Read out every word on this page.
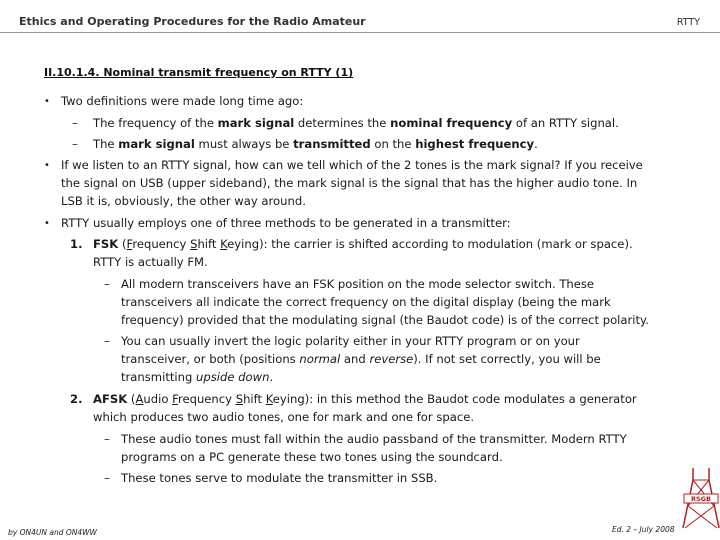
Ethics and Operating Procedures for the Radio Amateur	RTTY
II.10.1.4. Nominal transmit frequency on RTTY (1)
• Two definitions were made long time ago:
– The frequency of the mark signal determines the nominal frequency of an RTTY signal.
– The mark signal must always be transmitted on the highest frequency.
• If we listen to an RTTY signal, how can we tell which of the 2 tones is the mark signal? If you receive
the signal on USB (upper sideband), the mark signal is the signal that has the higher audio tone. In
LSB it is, obviously, the other way around.
• RTTY usually employs one of three methods to be generated in a transmitter:
1. FSK (Frequency Shift Keying): the carrier is shifted according to modulation (mark or space).
RTTY is actually FM.
– All modern transceivers have an FSK position on the mode selector switch. These
transceivers all indicate the correct frequency on the digital display (being the mark
frequency) provided that the modulating signal (the Baudot code) is of the correct polarity.
– You can usually invert the logic polarity either in your RTTY program or on your
transceiver, or both (positions normal and reverse). If not set correctly, you will be
transmitting upside down.
2. AFSK (Audio Frequency Shift Keying): in this method the Baudot code modulates a generator
which produces two audio tones, one for mark and one for space.
– These audio tones must fall within the audio passband of the transmitter. Modern RTTY
programs on a PC generate these two tones using the soundcard.
– These tones serve to modulate the transmitter in SSB.
by ON4UN and ON4WW	Ed. 2 – July 2008
RSGB
